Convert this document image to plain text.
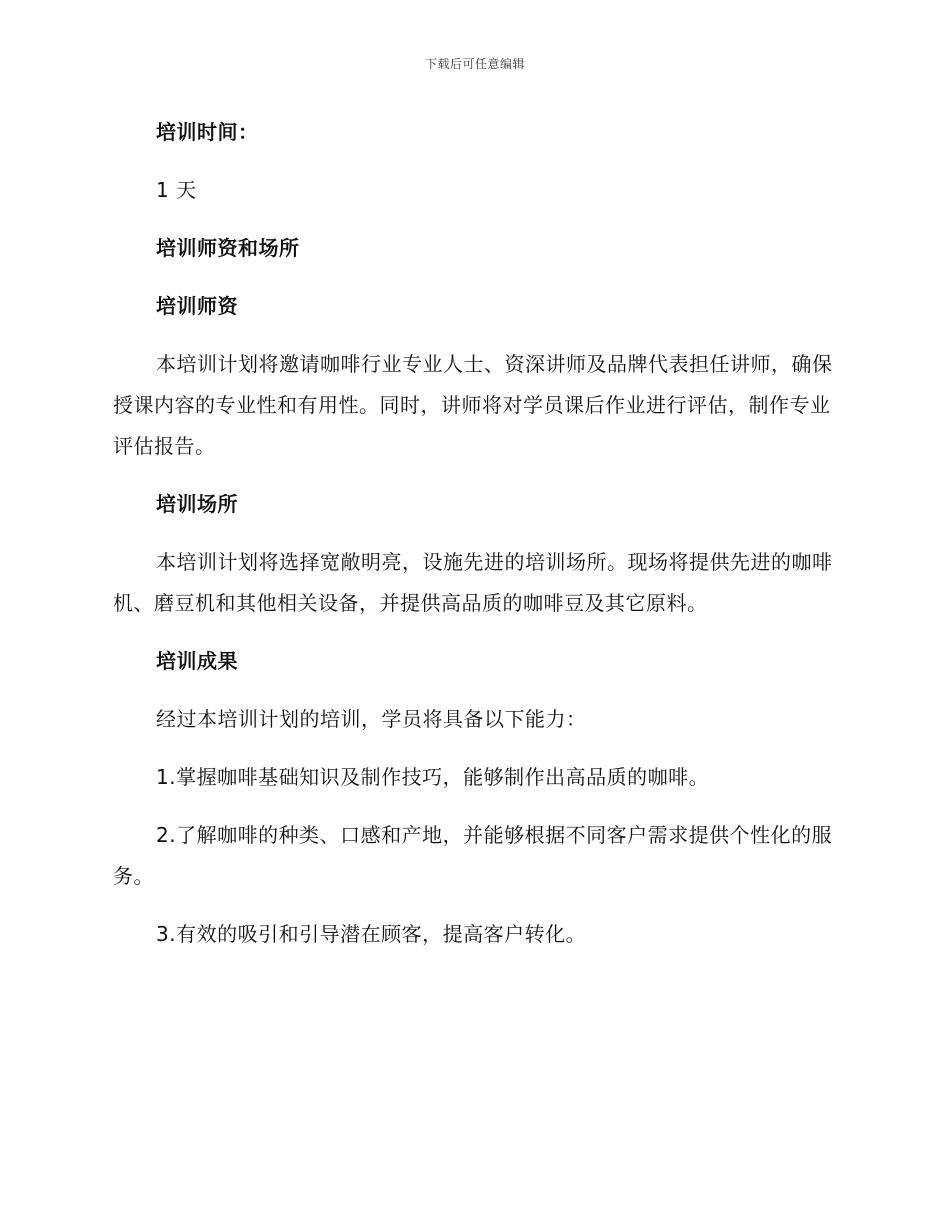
下载后可任意编辑

培训时间：

1 天

培训师资和场所

培训师资

本培训计划将邀请咖啡行业专业人士、资深讲师及品牌代表担任讲师，确保授课内容的专业性和有用性。同时，讲师将对学员课后作业进行评估，制作专业评估报告。

培训场所

本培训计划将选择宽敞明亮，设施先进的培训场所。现场将提供先进的咖啡机、磨豆机和其他相关设备，并提供高品质的咖啡豆及其它原料。

培训成果

经过本培训计划的培训，学员将具备以下能力：

1.掌握咖啡基础知识及制作技巧，能够制作出高品质的咖啡。

2.了解咖啡的种类、口感和产地，并能够根据不同客户需求提供个性化的服务。

3.有效的吸引和引导潜在顾客，提高客户转化。
